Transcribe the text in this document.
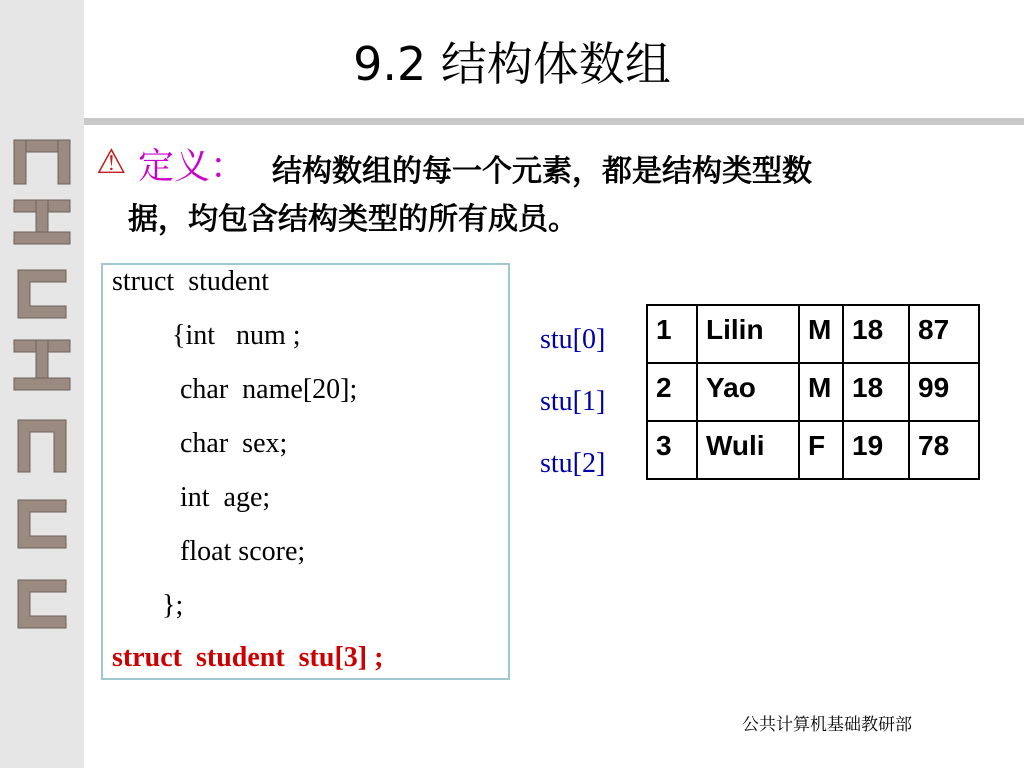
9.2 结构体数组
⚠ 定义： 结构数组的每一个元素，都是结构类型数
据，均包含结构类型的所有成员。
struct  student
{int   num ;
char  name[20];
char  sex;
int  age;
float score;
};
struct  student  stu[3] ;
stu[0]
stu[1]
stu[2]
1	Lilin	M	18	87
2	Yao	M	18	99
3	Wuli	F	19	78
公共计算机基础教研部
